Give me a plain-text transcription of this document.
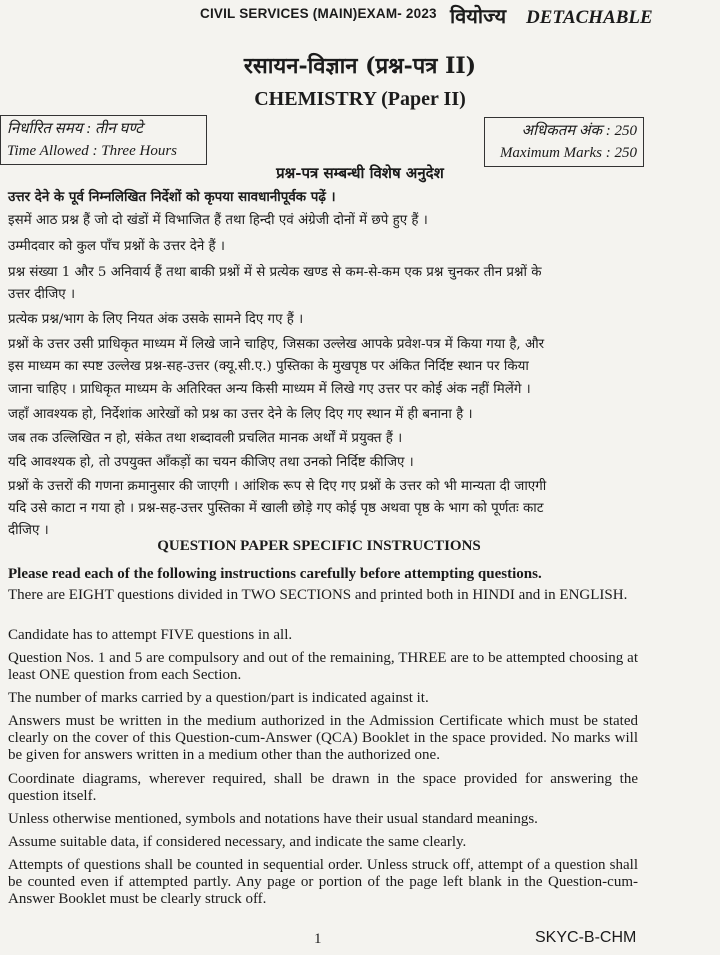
CIVIL SERVICES (MAIN)EXAM- 2023 वियोज्य DETACHABLE
रसायन-विज्ञान (प्रश्न-पत्र II)
CHEMISTRY (Paper II)
निर्धारित समय : तीन घण्टे
Time Allowed : Three Hours
अधिकतम अंक : 250
Maximum Marks : 250
प्रश्न-पत्र सम्बन्धी विशेष अनुदेश
उत्तर देने के पूर्व निम्नलिखित निर्देशों को कृपया सावधानीपूर्वक पढ़ें ।
इसमें आठ प्रश्न हैं जो दो खंडों में विभाजित हैं तथा हिन्दी एवं अंग्रेजी दोनों में छपे हुए हैं ।
उम्मीदवार को कुल पाँच प्रश्नों के उत्तर देने हैं ।
प्रश्न संख्या 1 और 5 अनिवार्य हैं तथा बाकी प्रश्नों में से प्रत्येक खण्ड से कम-से-कम एक प्रश्न चुनकर तीन प्रश्नों के
उत्तर दीजिए ।
प्रत्येक प्रश्न/भाग के लिए नियत अंक उसके सामने दिए गए हैं ।
प्रश्नों के उत्तर उसी प्राधिकृत माध्यम में लिखे जाने चाहिए, जिसका उल्लेख आपके प्रवेश-पत्र में किया गया है, और
इस माध्यम का स्पष्ट उल्लेख प्रश्न-सह-उत्तर (क्यू.सी.ए.) पुस्तिका के मुखपृष्ठ पर अंकित निर्दिष्ट स्थान पर किया
जाना चाहिए । प्राधिकृत माध्यम के अतिरिक्त अन्य किसी माध्यम में लिखे गए उत्तर पर कोई अंक नहीं मिलेंगे ।
जहाँ आवश्यक हो, निर्देशांक आरेखों को प्रश्न का उत्तर देने के लिए दिए गए स्थान में ही बनाना है ।
जब तक उल्लिखित न हो, संकेत तथा शब्दावली प्रचलित मानक अर्थों में प्रयुक्त हैं ।
यदि आवश्यक हो, तो उपयुक्त आँकड़ों का चयन कीजिए तथा उनको निर्दिष्ट कीजिए ।
प्रश्नों के उत्तरों की गणना क्रमानुसार की जाएगी । आंशिक रूप से दिए गए प्रश्नों के उत्तर को भी मान्यता दी जाएगी
यदि उसे काटा न गया हो । प्रश्न-सह-उत्तर पुस्तिका में खाली छोड़े गए कोई पृष्ठ अथवा पृष्ठ के भाग को पूर्णतः काट
दीजिए ।
QUESTION PAPER SPECIFIC INSTRUCTIONS
Please read each of the following instructions carefully before attempting questions.
There are EIGHT questions divided in TWO SECTIONS and printed both in HINDI and in ENGLISH.
Candidate has to attempt FIVE questions in all.
Question Nos. 1 and 5 are compulsory and out of the remaining, THREE are to be attempted choosing at least ONE question from each Section.
The number of marks carried by a question/part is indicated against it.
Answers must be written in the medium authorized in the Admission Certificate which must be stated clearly on the cover of this Question-cum-Answer (QCA) Booklet in the space provided. No marks will be given for answers written in a medium other than the authorized one.
Coordinate diagrams, wherever required, shall be drawn in the space provided for answering the question itself.
Unless otherwise mentioned, symbols and notations have their usual standard meanings.
Assume suitable data, if considered necessary, and indicate the same clearly.
Attempts of questions shall be counted in sequential order. Unless struck off, attempt of a question shall be counted even if attempted partly. Any page or portion of the page left blank in the Question-cum-Answer Booklet must be clearly struck off.
1	SKYC-B-CHM
